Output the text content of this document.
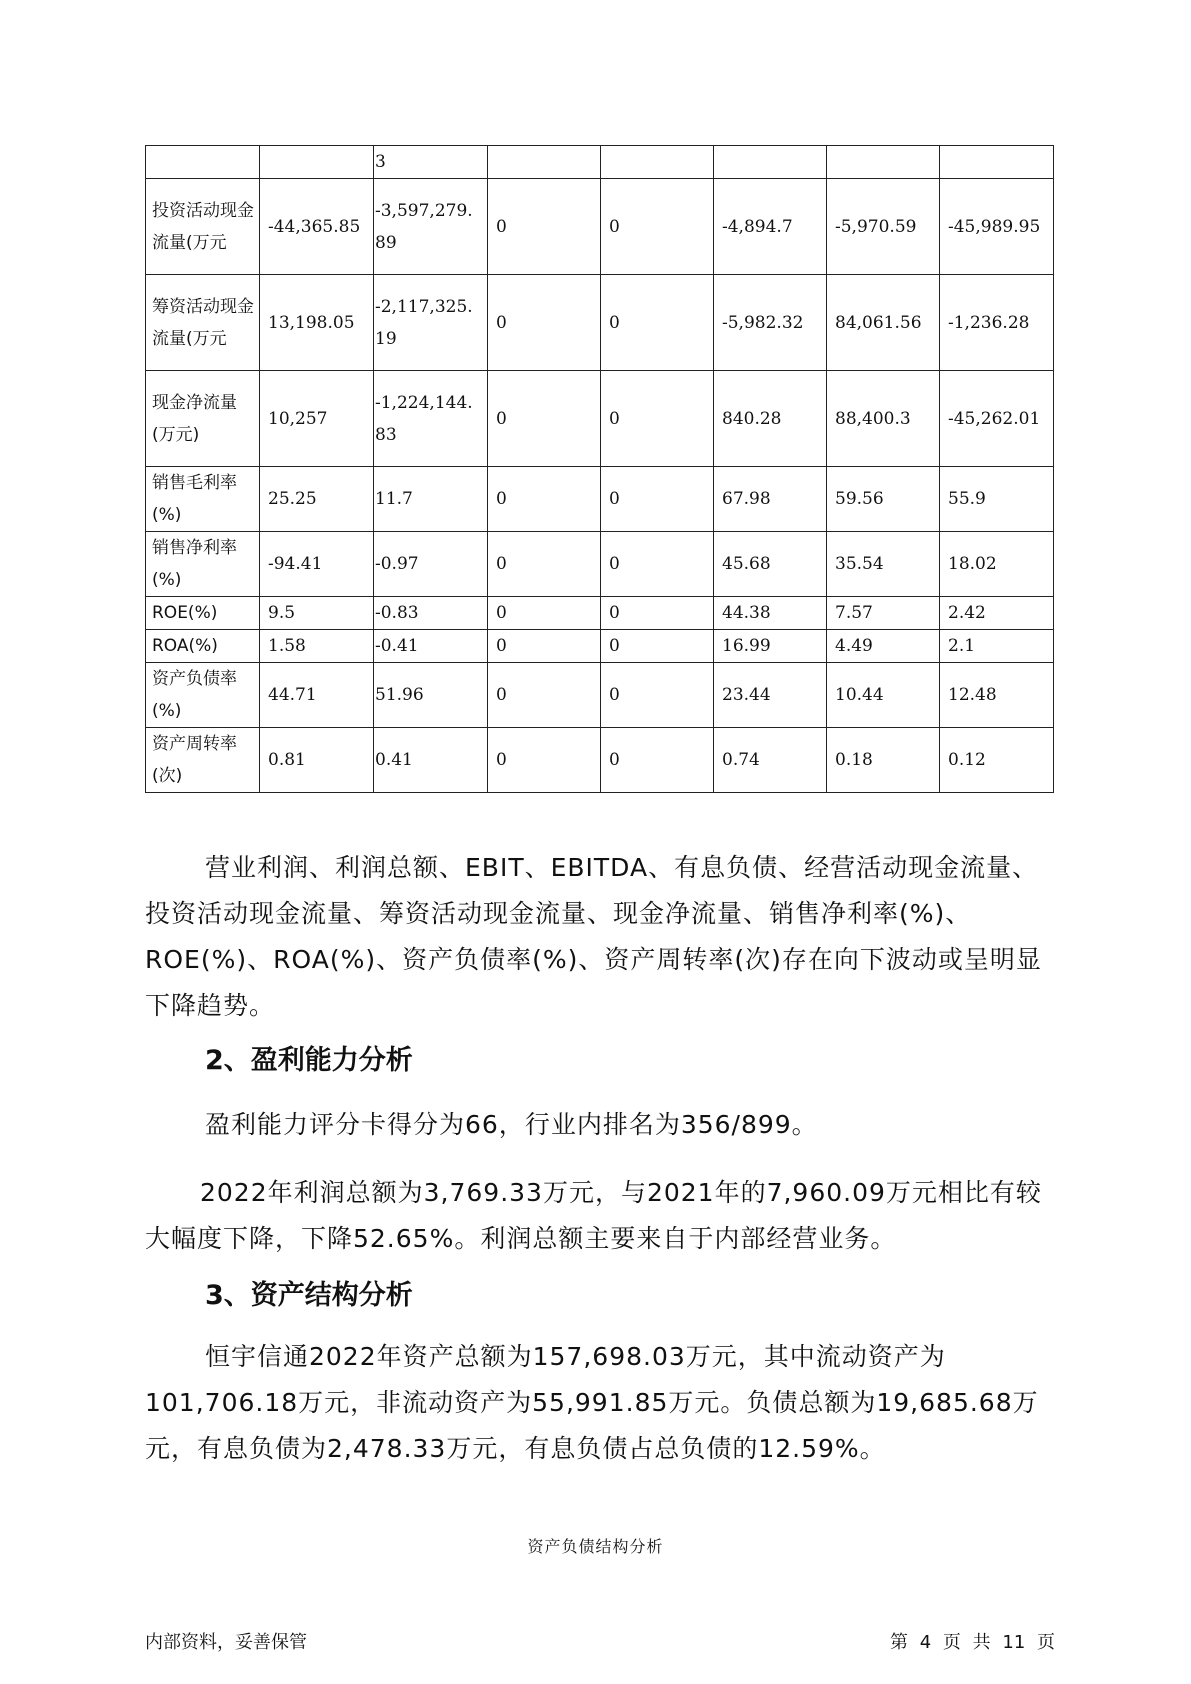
		3					
投资活动现金流量(万元	-44,365.85	-3,597,279.89	0	0	-4,894.7	-5,970.59	-45,989.95
筹资活动现金流量(万元	13,198.05	-2,117,325.19	0	0	-5,982.32	84,061.56	-1,236.28
现金净流量(万元)	10,257	-1,224,144.83	0	0	840.28	88,400.3	-45,262.01
销售毛利率(%)	25.25	11.7	0	0	67.98	59.56	55.9
销售净利率(%)	-94.41	-0.97	0	0	45.68	35.54	18.02
ROE(%)	9.5	-0.83	0	0	44.38	7.57	2.42
ROA(%)	1.58	-0.41	0	0	16.99	4.49	2.1
资产负债率(%)	44.71	51.96	0	0	23.44	10.44	12.48
资产周转率(次)	0.81	0.41	0	0	0.74	0.18	0.12

营业利润、利润总额、EBIT、EBITDA、有息负债、经营活动现金流量、投资活动现金流量、筹资活动现金流量、现金净流量、销售净利率(%)、ROE(%)、ROA(%)、资产负债率(%)、资产周转率(次)存在向下波动或呈明显下降趋势。

2、盈利能力分析

盈利能力评分卡得分为66，行业内排名为356/899。

2022年利润总额为3,769.33万元，与2021年的7,960.09万元相比有较大幅度下降，下降52.65%。利润总额主要来自于内部经营业务。

3、资产结构分析

恒宇信通2022年资产总额为157,698.03万元，其中流动资产为101,706.18万元，非流动资产为55,991.85万元。负债总额为19,685.68万元，有息负债为2,478.33万元，有息负债占总负债的12.59%。

资产负债结构分析
内部资料，妥善保管	第 4 页 共 11 页
